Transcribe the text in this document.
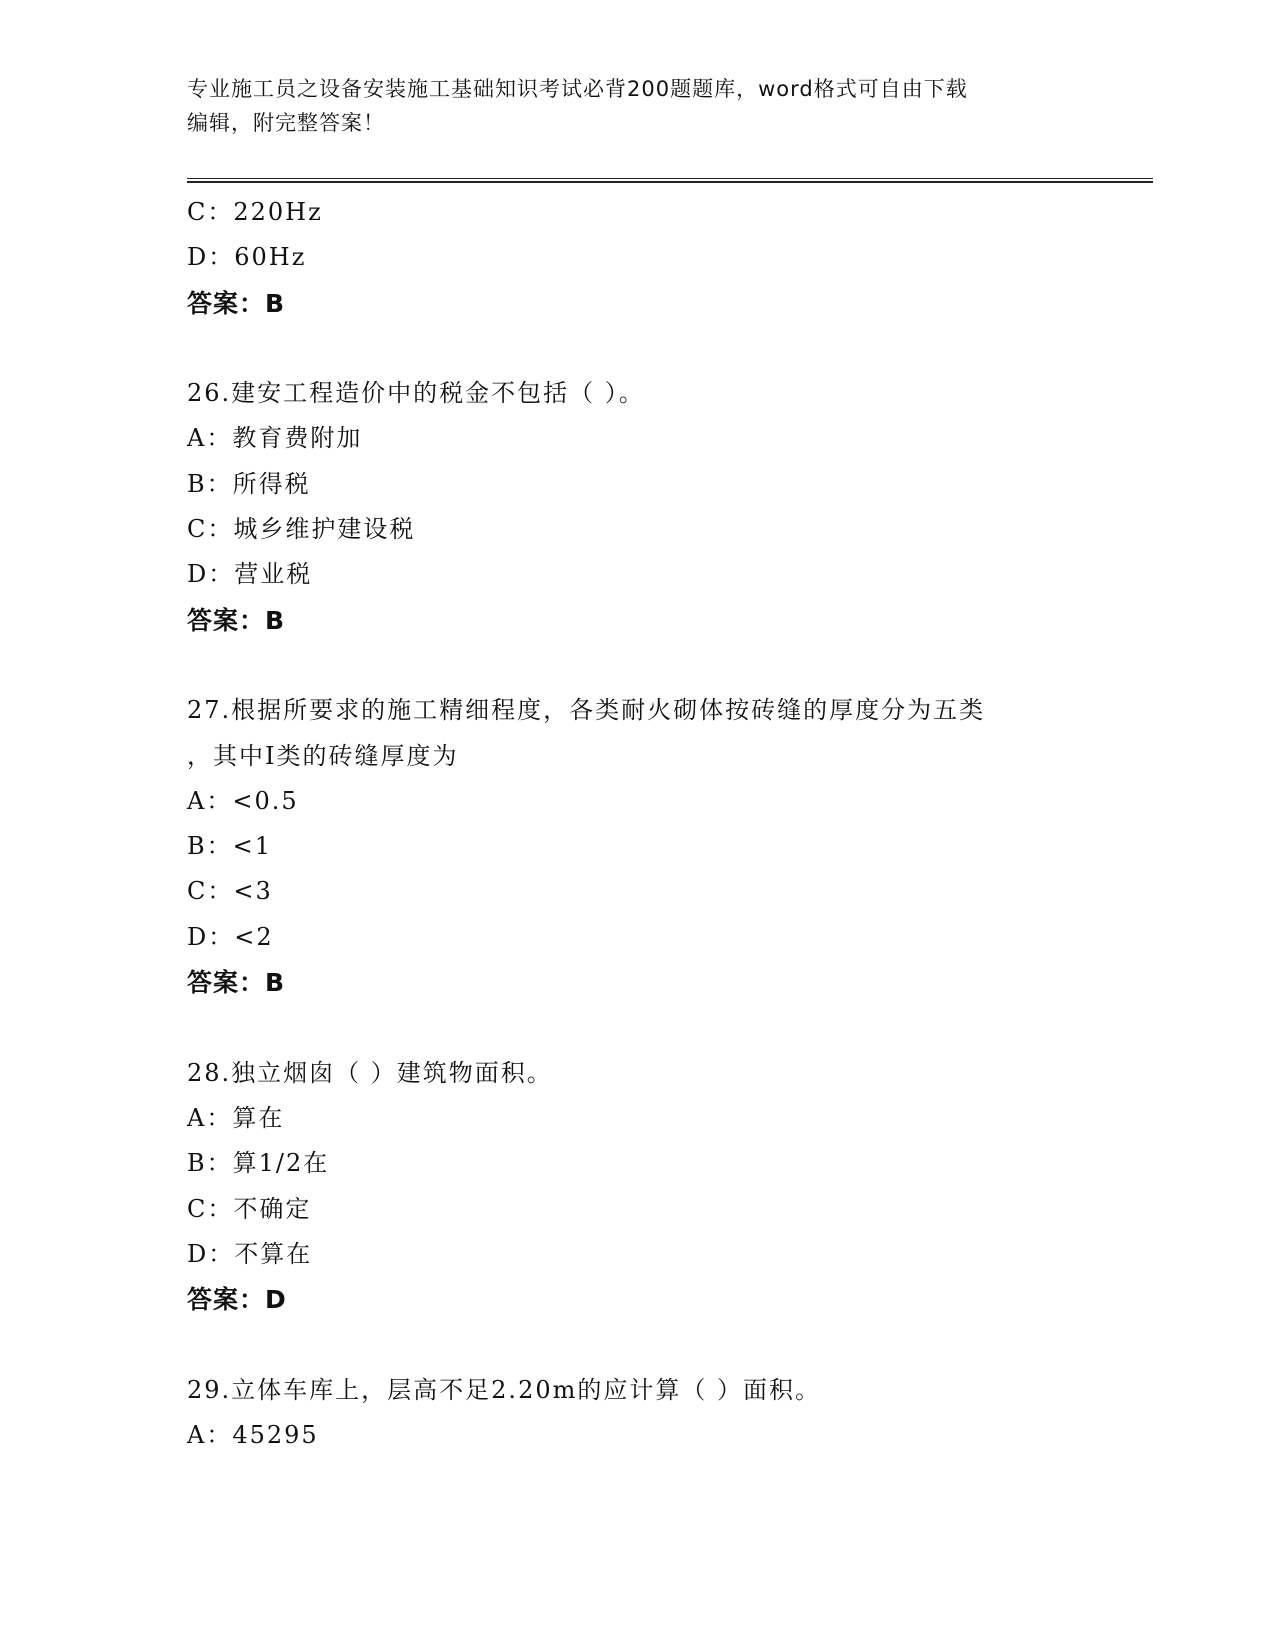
专业施工员之设备安装施工基础知识考试必背200题题库，word格式可自由下载
编辑，附完整答案！
C：220Hz
D：60Hz
答案：B
26.建安工程造价中的税金不包括（ ）。
A：教育费附加
B：所得税
C：城乡维护建设税
D：营业税
答案：B
27.根据所要求的施工精细程度，各类耐火砌体按砖缝的厚度分为五类
，其中Ⅰ类的砖缝厚度为
A：<0.5
B：<1
C：<3
D：<2
答案：B
28.独立烟囱（ ）建筑物面积。
A：算在
B：算1/2在
C：不确定
D：不算在
答案：D
29.立体车库上，层高不足2.20m的应计算（ ）面积。
A：45295
